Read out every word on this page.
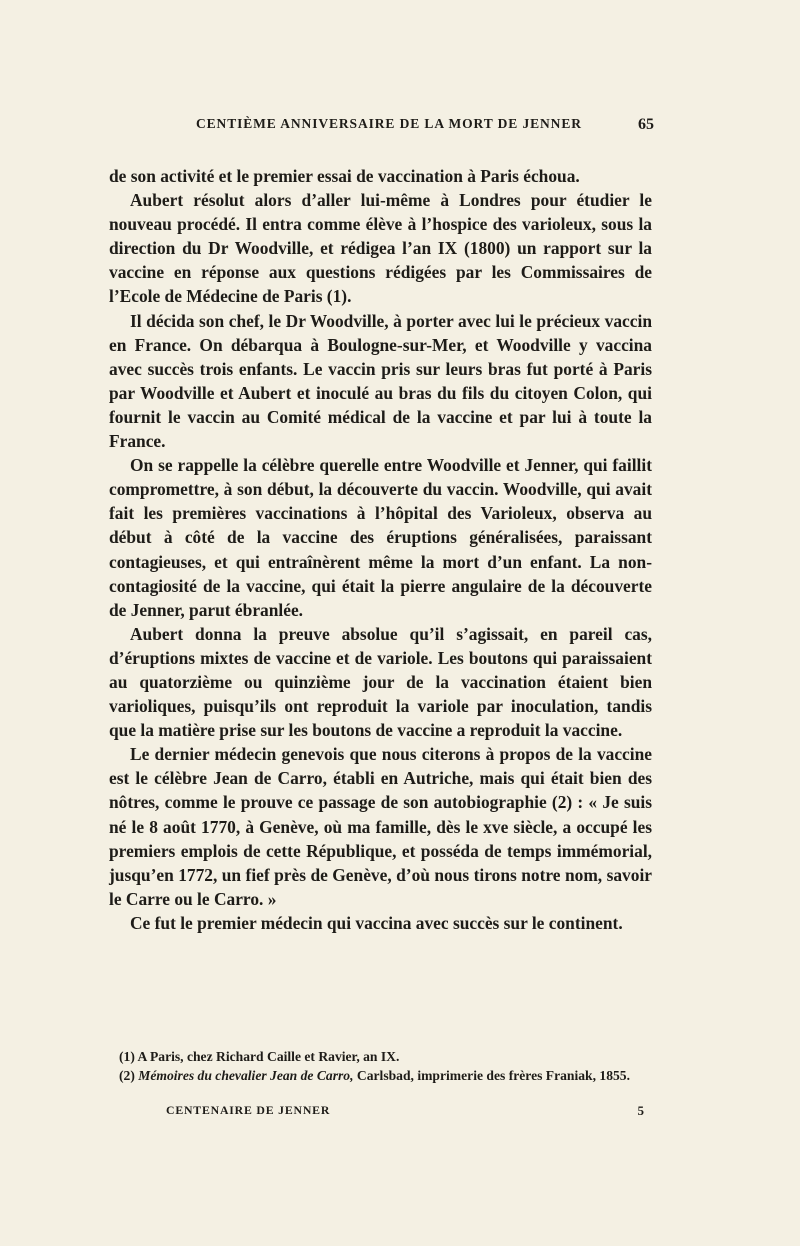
CENTIÈME ANNIVERSAIRE DE LA MORT DE JENNER	65

de son activité et le premier essai de vaccination à Paris échoua.

Aubert résolut alors d’aller lui-même à Londres pour étudier le nouveau procédé. Il entra comme élève à l’hospice des varioleux, sous la direction du Dr Woodville, et rédigea l’an IX (1800) un rapport sur la vaccine en réponse aux questions rédigées par les Commissaires de l’Ecole de Médecine de Paris (1).

Il décida son chef, le Dr Woodville, à porter avec lui le précieux vaccin en France. On débarqua à Boulogne-sur-Mer, et Woodville y vaccina avec succès trois enfants. Le vaccin pris sur leurs bras fut porté à Paris par Woodville et Aubert et inoculé au bras du fils du citoyen Colon, qui fournit le vaccin au Comité médical de la vaccine et par lui à toute la France.

On se rappelle la célèbre querelle entre Woodville et Jenner, qui faillit compromettre, à son début, la découverte du vaccin. Woodville, qui avait fait les premières vaccinations à l’hôpital des Varioleux, observa au début à côté de la vaccine des éruptions généralisées, paraissant contagieuses, et qui entraînèrent même la mort d’un enfant. La non-contagiosité de la vaccine, qui était la pierre angulaire de la découverte de Jenner, parut ébranlée.

Aubert donna la preuve absolue qu’il s’agissait, en pareil cas, d’éruptions mixtes de vaccine et de variole. Les boutons qui paraissaient au quatorzième ou quinzième jour de la vaccination étaient bien varioliques, puisqu’ils ont reproduit la variole par inoculation, tandis que la matière prise sur les boutons de vaccine a reproduit la vaccine.

Le dernier médecin genevois que nous citerons à propos de la vaccine est le célèbre Jean de Carro, établi en Autriche, mais qui était bien des nôtres, comme le prouve ce passage de son autobiographie (2) : « Je suis né le 8 août 1770, à Genève, où ma famille, dès le xve siècle, a occupé les premiers emplois de cette République, et posséda de temps immémorial, jusqu’en 1772, un fief près de Genève, d’où nous tirons notre nom, savoir le Carre ou le Carro. »

Ce fut le premier médecin qui vaccina avec succès sur le continent.

(1) A Paris, chez Richard Caille et Ravier, an IX.

(2) Mémoires du chevalier Jean de Carro, Carlsbad, imprimerie des frères Franiak, 1855.

CENTENAIRE DE JENNER	5
